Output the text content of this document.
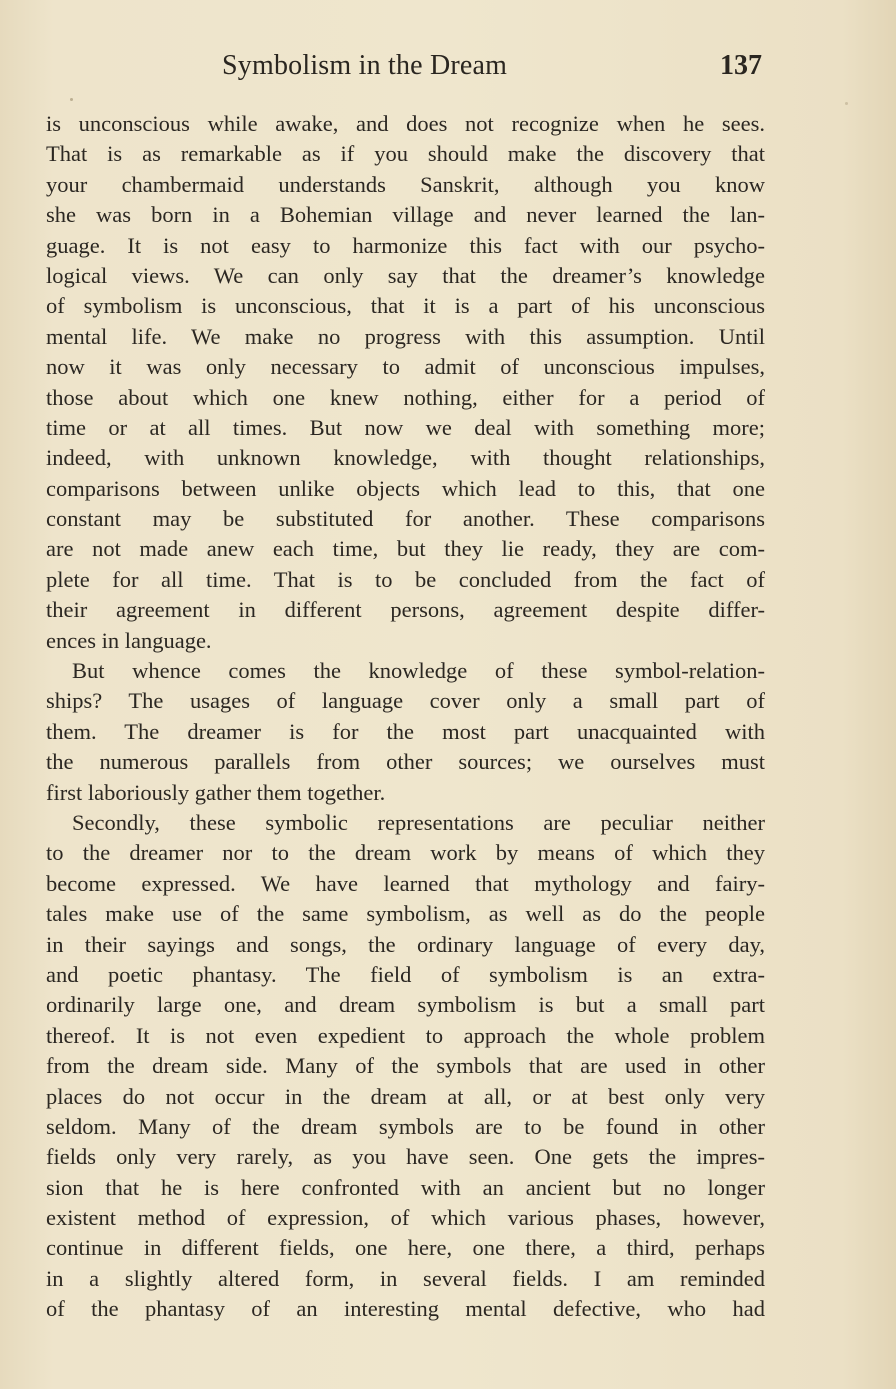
Symbolism in the Dream	137
is unconscious while awake, and does not recognize when he sees.
That is as remarkable as if you should make the discovery that
your chambermaid understands Sanskrit, although you know
she was born in a Bohemian village and never learned the lan-
guage. It is not easy to harmonize this fact with our psycho-
logical views. We can only say that the dreamer’s knowledge
of symbolism is unconscious, that it is a part of his unconscious
mental life. We make no progress with this assumption. Until
now it was only necessary to admit of unconscious impulses,
those about which one knew nothing, either for a period of
time or at all times. But now we deal with something more;
indeed, with unknown knowledge, with thought relationships,
comparisons between unlike objects which lead to this, that one
constant may be substituted for another. These comparisons
are not made anew each time, but they lie ready, they are com-
plete for all time. That is to be concluded from the fact of
their agreement in different persons, agreement despite differ-
ences in language.
But whence comes the knowledge of these symbol-relation-
ships? The usages of language cover only a small part of
them. The dreamer is for the most part unacquainted with
the numerous parallels from other sources; we ourselves must
first laboriously gather them together.
Secondly, these symbolic representations are peculiar neither
to the dreamer nor to the dream work by means of which they
become expressed. We have learned that mythology and fairy-
tales make use of the same symbolism, as well as do the people
in their sayings and songs, the ordinary language of every day,
and poetic phantasy. The field of symbolism is an extra-
ordinarily large one, and dream symbolism is but a small part
thereof. It is not even expedient to approach the whole problem
from the dream side. Many of the symbols that are used in other
places do not occur in the dream at all, or at best only very
seldom. Many of the dream symbols are to be found in other
fields only very rarely, as you have seen. One gets the impres-
sion that he is here confronted with an ancient but no longer
existent method of expression, of which various phases, however,
continue in different fields, one here, one there, a third, perhaps
in a slightly altered form, in several fields. I am reminded
of the phantasy of an interesting mental defective, who had
